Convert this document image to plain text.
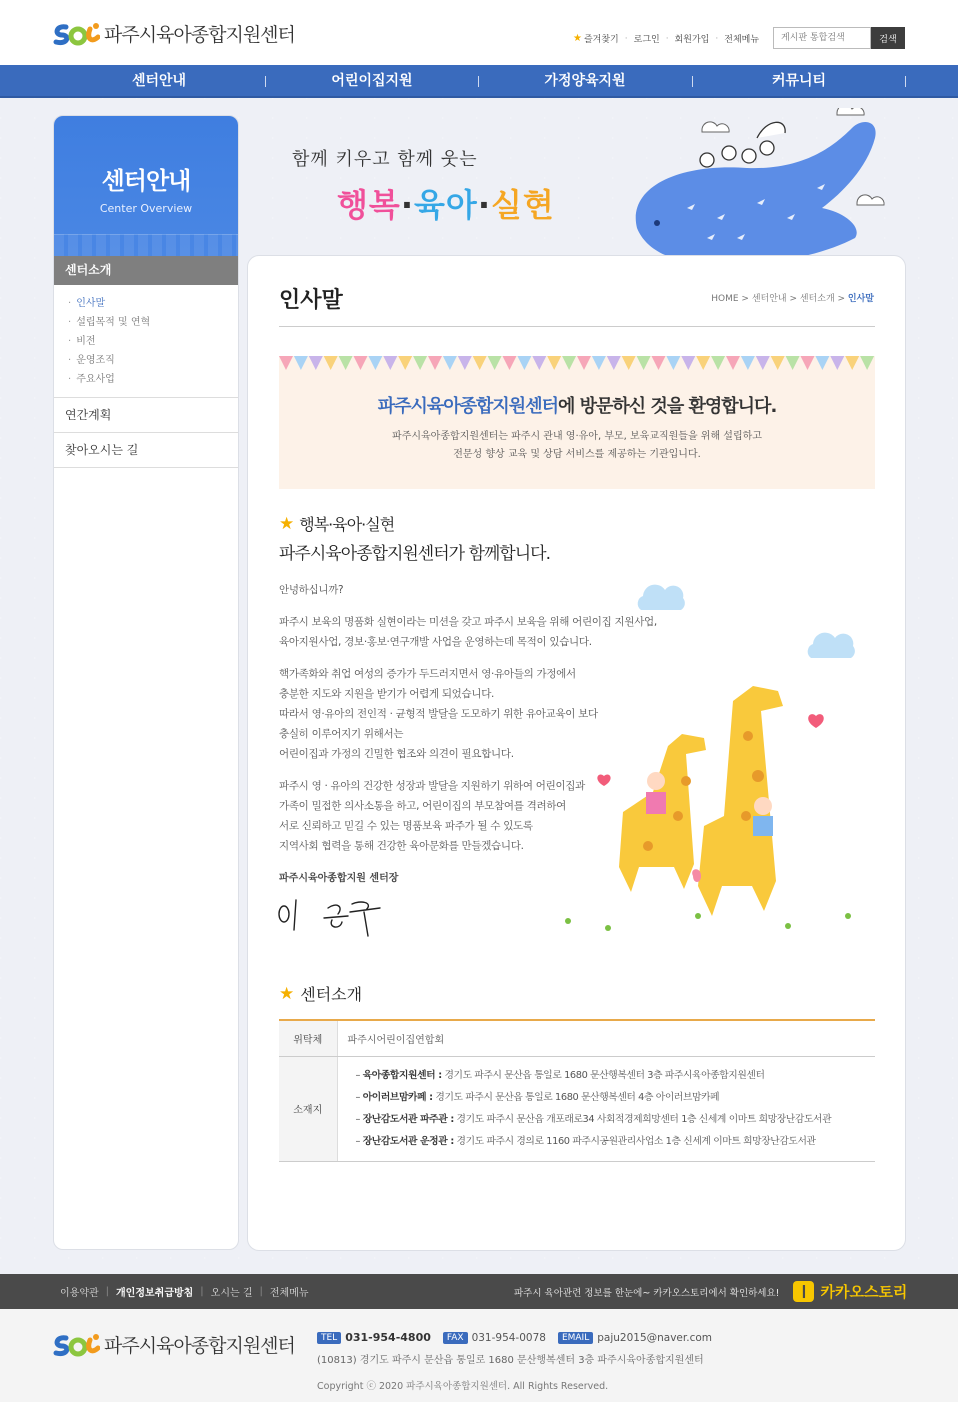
파주시육아종합지원센터	★ 즐겨찾기 · 로그인 · 회원가입 · 전체메뉴
게시판 통합검색	검색
센터안내	어린이집지원	가정양육지원	커뮤니티
센터안내
Center Overview
센터소개
· 인사말
· 설립목적 및 연혁
· 비전
· 운영조직
· 주요사업
연간계획
찾아오시는 길
함께 키우고 함께 웃는
행복·육아·실현
인사말	HOME > 센터안내 > 센터소개 > 인사말
파주시육아종합지원센터에 방문하신 것을 환영합니다.
파주시육아종합지원센터는 파주시 관내 영·유아, 부모, 보육교직원들을 위해 설립하고
전문성 향상 교육 및 상담 서비스를 제공하는 기관입니다.
★ 행복·육아·실현
파주시육아종합지원센터가 함께합니다.

안녕하십니까?

파주시 보육의 명품화 실현이라는 미션을 갖고 파주시 보육을 위해 어린이집 지원사업,
육아지원사업, 경보·홍보·연구개발 사업을 운영하는데 목적이 있습니다.

핵가족화와 취업 여성의 증가가 두드러지면서 영·유아들의 가정에서
충분한 지도와 지원을 받기가 어렵게 되었습니다.
따라서 영·유아의 전인적 · 균형적 발달을 도모하기 위한 유아교육이 보다
충실히 이루어지기 위해서는
어린이집과 가정의 긴밀한 협조와 의견이 필요합니다.

파주시 영 · 유아의 건강한 성장과 발달을 지원하기 위하여 어린이집과
가족이 밀접한 의사소통을 하고, 어린이집의 부모참여를 격려하여
서로 신뢰하고 믿길 수 있는 명품보육 파주가 될 수 있도록
지역사회 협력을 통해 건강한 육아문화를 만들겠습니다.

파주시육아종합지원 센터장
★ 센터소개
위탁체	파주시어린이집연합회
소재지	– 육아종합지원센터 : 경기도 파주시 문산읍 통일로 1680 문산행복센터 3층 파주시육아종합지원센터
– 아이러브맘카페 : 경기도 파주시 문산읍 통일로 1680 문산행복센터 4층 아이러브맘카페
– 장난감도서관 파주관 : 경기도 파주시 문산읍 개포래로34 사회적경제희망센터 1층 신세계 이마트 희망장난감도서관
– 장난감도서관 운정관 : 경기도 파주시 경의로 1160 파주시공원관리사업소 1층 신세계 이마트 희망장난감도서관
이용약관 | 개인정보취급방침 | 오시는 길 | 전체메뉴	파주시 육아관련 정보를 한눈에~ 카카오스토리에서 확인하세요!	❙ 카카오스토리
파주시육아종합지원센터	TEL 031-954-4800	FAX 031-954-0078	EMAIL paju2015@naver.com
(10813) 경기도 파주시 문산읍 통일로 1680 문산행복센터 3층 파주시육아종합지원센터
Copyright ⓒ 2020 파주시육아종합지원센터. All Rights Reserved.
